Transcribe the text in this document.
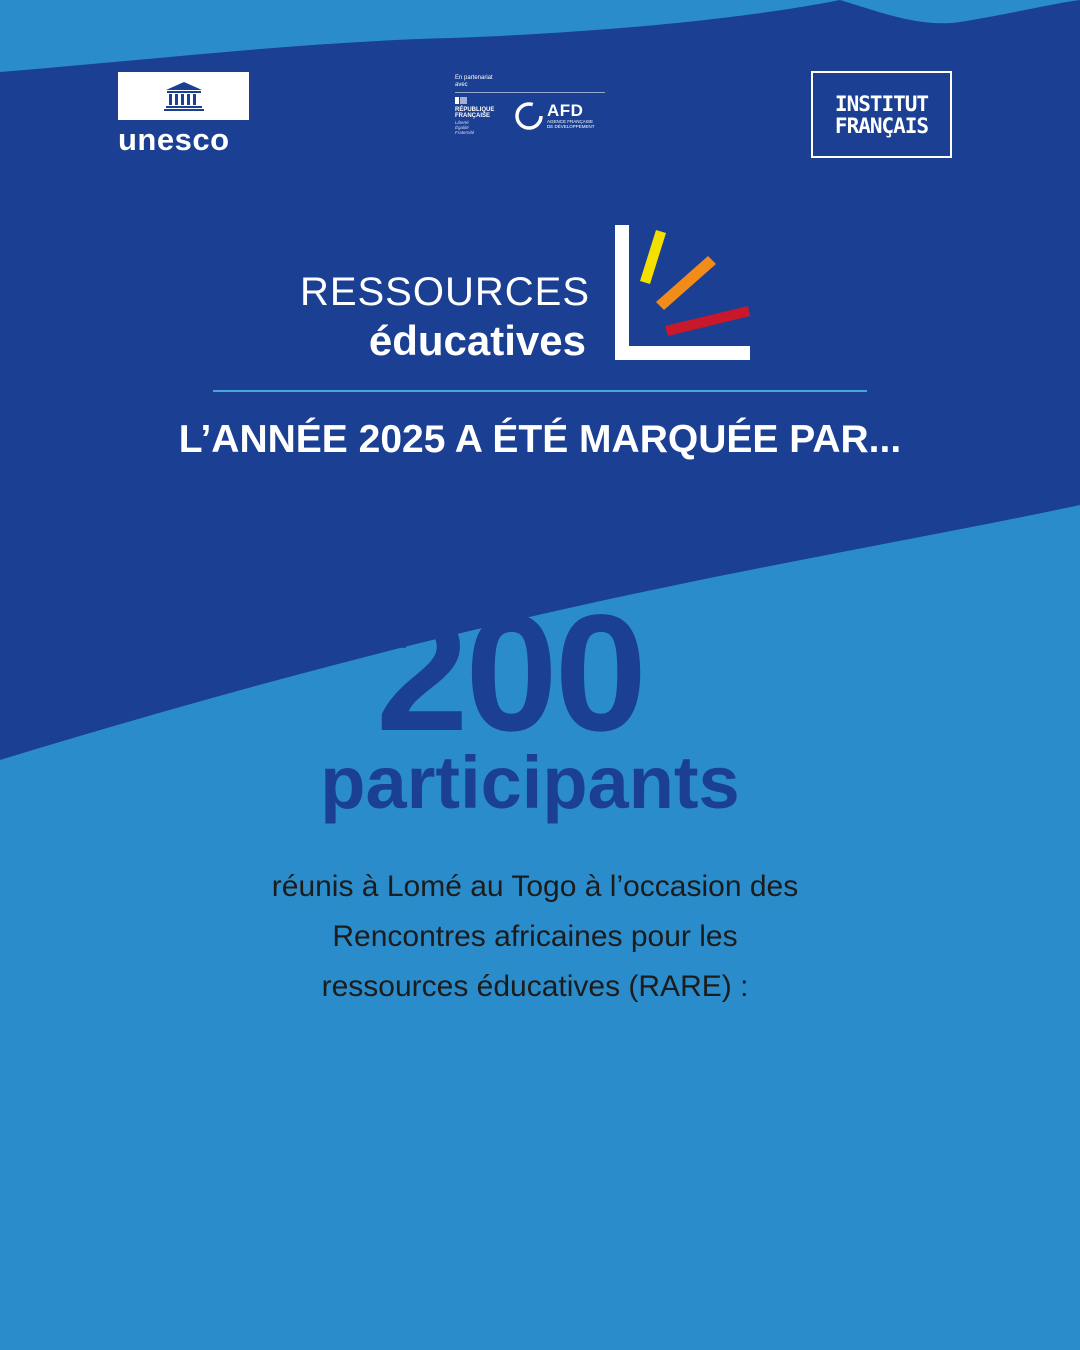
unesco
En partenariat
avec
RÉPUBLIQUE
FRANÇAISE
Liberté
Égalité
Fraternité
AFD
AGENCE FRANÇAISE
DE DÉVELOPPEMENT
INSTITUT
FRANÇAIS
RESSOURCES
éducatives
L’ANNÉE 2025 A ÉTÉ MARQUÉE PAR...
200
participants
réunis à Lomé au Togo à l’occasion des
Rencontres africaines pour les
ressources éducatives (RARE) :
3 jours d’échanges, 13 panels,
un rapport final et 12 recommandations
pour renforcer l’accès à des ressources
éducatives de qualité.
